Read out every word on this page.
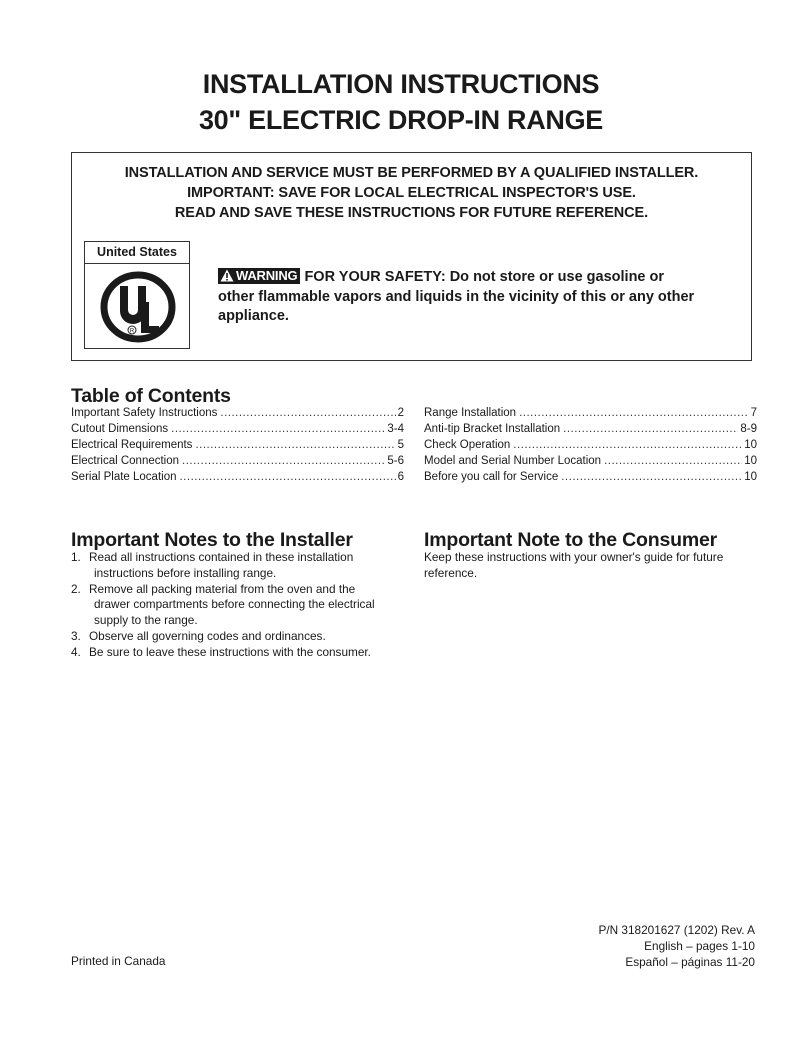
INSTALLATION INSTRUCTIONS
30" ELECTRIC DROP-IN RANGE
INSTALLATION AND SERVICE MUST BE PERFORMED BY A QUALIFIED INSTALLER.
IMPORTANT: SAVE FOR LOCAL ELECTRICAL INSPECTOR'S USE.
READ AND SAVE THESE INSTRUCTIONS FOR FUTURE REFERENCE.
United States
R
WARNING FOR YOUR SAFETY: Do not store or use gasoline or other flammable vapors and liquids in the vicinity of this or any other appliance.
Table of Contents
Important Safety Instructions .....	2
Cutout Dimensions .....	3-4
Electrical Requirements .....	5
Electrical Connection .....	5-6
Serial Plate Location .....	6
Range Installation .....	7
Anti-tip Bracket Installation .....	8-9
Check Operation .....	10
Model and Serial Number Location .....	10
Before you call for Service .....	10
Important Notes to the Installer
1. Read all instructions contained in these installation
instructions before installing range.
2. Remove all packing material from the oven and the
drawer compartments before connecting the electrical
supply to the range.
3. Observe all governing codes and ordinances.
4. Be sure to leave these instructions with the consumer.
Important Note to the Consumer
Keep these instructions with your owner's guide for future
reference.
P/N 318201627 (1202) Rev. A
English – pages 1-10
Español – páginas 11-20
Printed in Canada
